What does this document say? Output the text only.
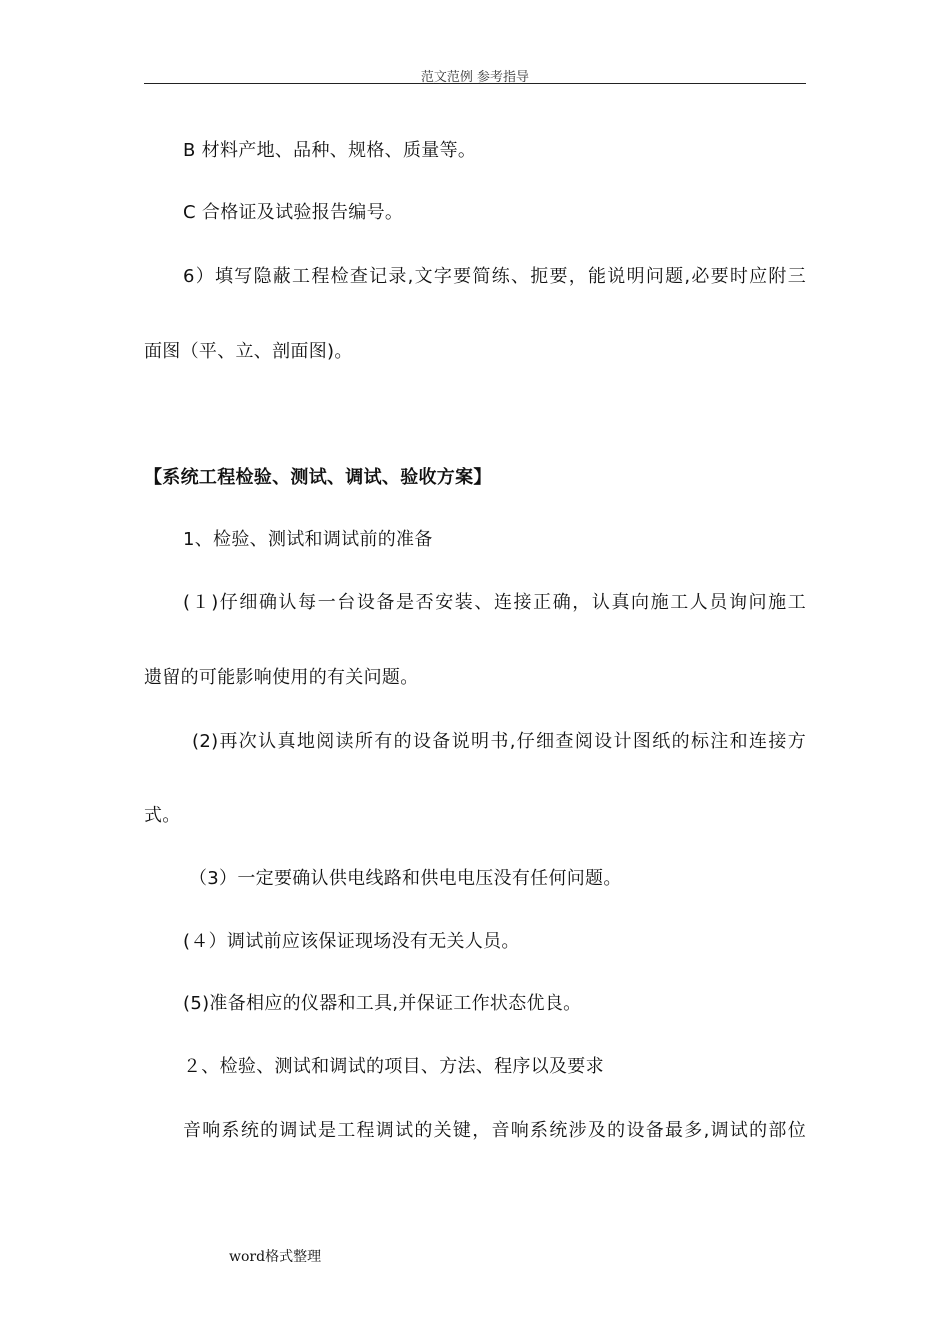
范文范例 参考指导
B 材料产地、品种、规格、质量等。
C 合格证及试验报告编号。
6）填写隐蔽工程检查记录,文字要简练、扼要，能说明问题,必要时应附三
面图（平、立、剖面图)。
【系统工程检验、测试、调试、验收方案】
1、检验、测试和调试前的准备
(１)仔细确认每一台设备是否安装、连接正确，认真向施工人员询问施工
遗留的可能影响使用的有关问题。
(2)再次认真地阅读所有的设备说明书,仔细查阅设计图纸的标注和连接方
式。
（3）一定要确认供电线路和供电电压没有任何问题。
(４）调试前应该保证现场没有无关人员。
(5)准备相应的仪器和工具,并保证工作状态优良。
２、检验、测试和调试的项目、方法、程序以及要求
音响系统的调试是工程调试的关键，音响系统涉及的设备最多,调试的部位
word格式整理
